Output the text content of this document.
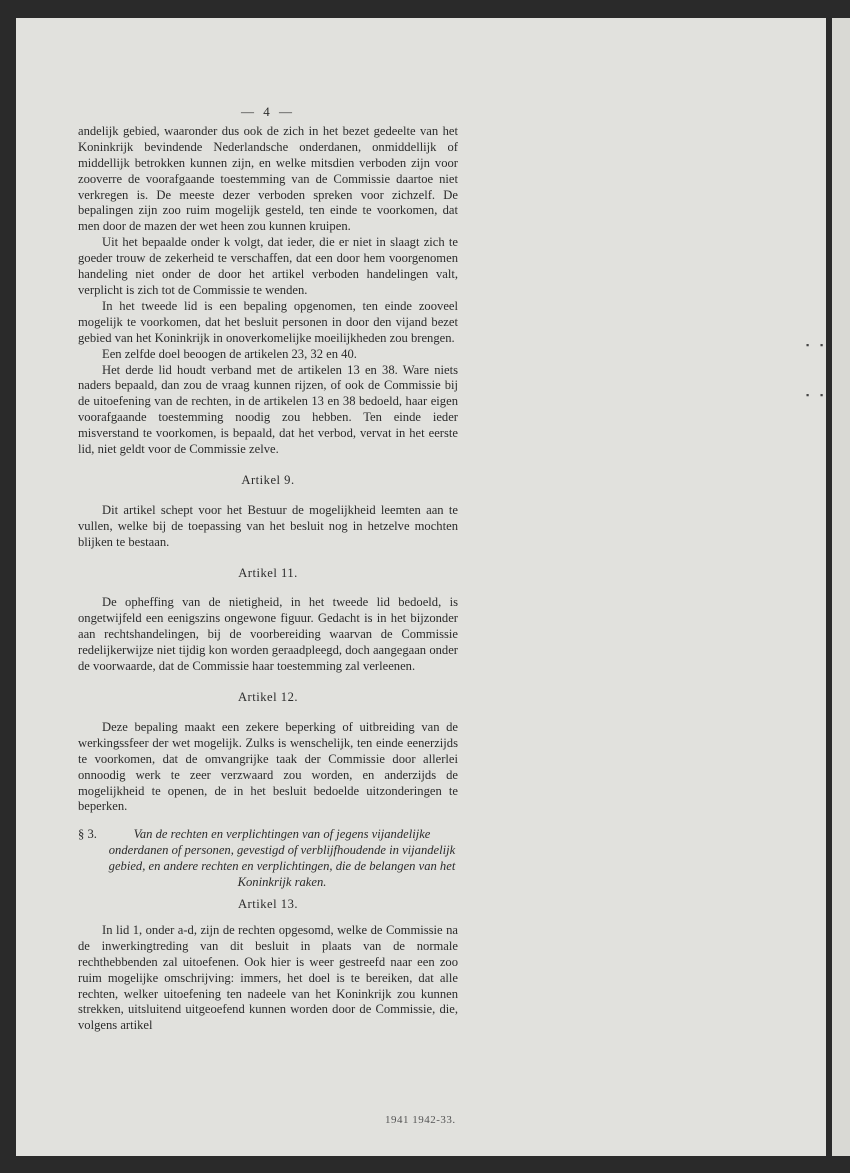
— 4 —

andelijk gebied, waaronder dus ook de zich in het bezet gedeelte van het Koninkrijk bevindende Nederlandsche onderdanen, onmiddellijk of middellijk betrokken kunnen zijn, en welke mitsdien verboden zijn voor zooverre de voorafgaande toestemming van de Commissie daartoe niet verkregen is. De meeste dezer verboden spreken voor zichzelf. De bepalingen zijn zoo ruim mogelijk gesteld, ten einde te voorkomen, dat men door de mazen der wet heen zou kunnen kruipen.

Uit het bepaalde onder k volgt, dat ieder, die er niet in slaagt zich te goeder trouw de zekerheid te verschaffen, dat een door hem voorgenomen handeling niet onder de door het artikel verboden handelingen valt, verplicht is zich tot de Commissie te wenden.

In het tweede lid is een bepaling opgenomen, ten einde zooveel mogelijk te voorkomen, dat het besluit personen in door den vijand bezet gebied van het Koninkrijk in onoverkomelijke moeilijkheden zou brengen.

Een zelfde doel beoogen de artikelen 23, 32 en 40.

Het derde lid houdt verband met de artikelen 13 en 38. Ware niets naders bepaald, dan zou de vraag kunnen rijzen, of ook de Commissie bij de uitoefening van de rechten, in de artikelen 13 en 38 bedoeld, haar eigen voorafgaande toestemming noodig zou hebben. Ten einde ieder misverstand te voorkomen, is bepaald, dat het verbod, vervat in het eerste lid, niet geldt voor de Commissie zelve.

Artikel 9.

Dit artikel schept voor het Bestuur de mogelijkheid leemten aan te vullen, welke bij de toepassing van het besluit nog in hetzelve mochten blijken te bestaan.

Artikel 11.

De opheffing van de nietigheid, in het tweede lid bedoeld, is ongetwijfeld een eenigszins ongewone figuur. Gedacht is in het bijzonder aan rechtshandelingen, bij de voorbereiding waarvan de Commissie redelijkerwijze niet tijdig kon worden geraadpleegd, doch aangegaan onder de voorwaarde, dat de Commissie haar toestemming zal verleenen.

Artikel 12.

Deze bepaling maakt een zekere beperking of uitbreiding van de werkingssfeer der wet mogelijk. Zulks is wenschelijk, ten einde eenerzijds te voorkomen, dat de omvangrijke taak der Commissie door allerlei onnoodig werk te zeer verzwaard zou worden, en anderzijds de mogelijkheid te openen, de in het besluit bedoelde uitzonderingen te beperken.

§ 3.	Van de rechten en verplichtingen van of jegens vijandelijke onderdanen of personen, gevestigd of verblijfhoudende in vijandelijk gebied, en andere rechten en verplichtingen, die de belangen van het Koninkrijk raken.
Artikel 13.

In lid 1, onder a-d, zijn de rechten opgesomd, welke de Commissie na de inwerkingtreding van dit besluit in plaats van de normale rechthebbenden zal uitoefenen. Ook hier is weer gestreefd naar een zoo ruim mogelijke omschrijving: immers, het doel is te bereiken, dat alle rechten, welker uitoefening ten nadeele van het Koninkrijk zou kunnen strekken, uitsluitend uitgeoefend kunnen worden door de Commissie, die, volgens artikel

1941 1942-33.
▪ ▪
▪ ▪
